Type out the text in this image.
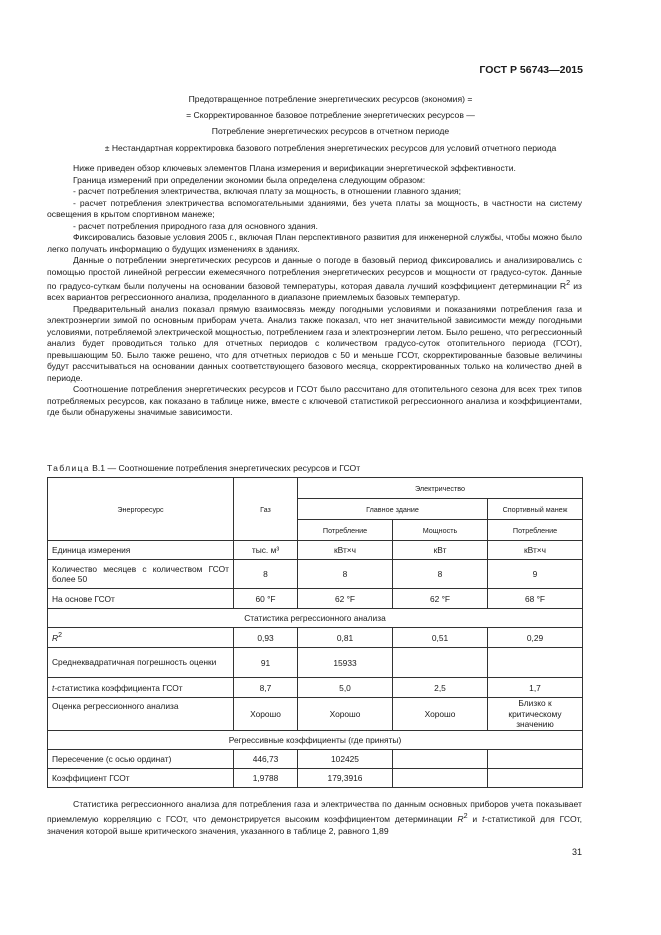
ГОСТ Р 56743—2015
Предотвращенное потребление энергетических ресурсов (экономия) =
= Скорректированное базовое потребление энергетических ресурсов —
Потребление энергетических ресурсов в отчетном периоде
± Нестандартная корректировка базового потребления энергетических ресурсов для условий отчетного периода

Ниже приведен обзор ключевых элементов Плана измерения и верификации энергетической эффективности.

Граница измерений при определении экономии была определена следующим образом:

- расчет потребления электричества, включая плату за мощность, в отношении главного здания;

- расчет потребления электричества вспомогательными зданиями, без учета платы за мощность, в частности на систему освещения в крытом спортивном манеже;

- расчет потребления природного газа для основного здания.

Фиксировались базовые условия 2005 г., включая План перспективного развития для инженерной службы, чтобы можно было легко получать информацию о будущих изменениях в зданиях.

Данные о потреблении энергетических ресурсов и данные о погоде в базовый период фиксировались и анализировались с помощью простой линейной регрессии ежемесячного потребления энергетических ресурсов и мощности от градусо-суток. Данные по градусо-суткам были получены на основании базовой температуры, которая давала лучший коэффициент детерминации $R^2$ из всех вариантов регрессионного анализа, проделанного в диапазоне приемлемых базовых температур.

Предварительный анализ показал прямую взаимосвязь между погодными условиями и показаниями потребления газа и электроэнергии зимой по основным приборам учета. Анализ также показал, что нет значительной зависимости между погодными условиями, потребляемой электрической мощностью, потреблением газа и электроэнергии летом. Было решено, что регрессионный анализ будет проводиться только для отчетных периодов с количеством градусо-суток отопительного периода (ГСОт), превышающим 50. Было также решено, что для отчетных периодов с 50 и меньше ГСОт, скорректированные базовые величины будут рассчитываться на основании данных соответствующего базового месяца, скорректированных только на количество дней в периоде.

Соотношение потребления энергетических ресурсов и ГСОт было рассчитано для отопительного сезона для всех трех типов потребляемых ресурсов, как показано в таблице ниже, вместе с ключевой статистикой регрессионного анализа и коэффициентами, где были обнаружены значимые зависимости.

Таблица В.1 — Соотношение потребления энергетических ресурсов и ГСОт
Энергоресурс	Газ	Электричество		
		Главное здание		Спортивный манеж
		Потребление	Мощность	Потребление
Единица измерения	тыс. м³	кВт×ч	кВт	кВт×ч
Количество месяцев с количеством ГСОт более 50	8	8	8	9
На основе ГСОт	60 °F	62 °F	62 °F	68 °F
Статистика регрессионного анализа				
$R^2$	0,93	0,81	0,51	0,29
Среднеквадратичная погрешность оценки	91	15933		
t-статистика коэффициента ГСОт	8,7	5,0	2,5	1,7
Оценка регрессионного анализа	Хорошо	Хорошо	Хорошо	Близко к критическому значению
Регрессивные коэффициенты (где приняты)				
Пересечение (с осью ординат)	446,73	102425		
Коэффициент ГСОт	1,9788	179,3916		

Статистика регрессионного анализа для потребления газа и электричества по данным основных приборов учета показывает приемлемую корреляцию с ГСОт, что демонстрируется высоким коэффициентом детерминации $R^2$ и t-статистикой для ГСОт, значения которой выше критического значения, указанного в таблице 2, равного 1,89

31
